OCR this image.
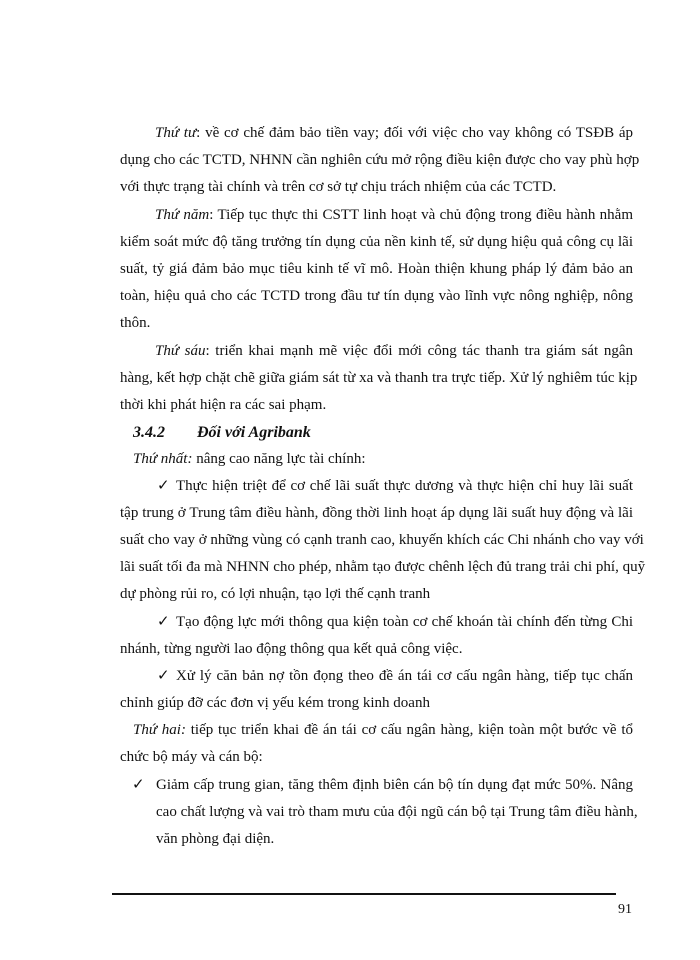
Thứ tư: về cơ chế đảm bảo tiền vay; đối với việc cho vay không có TSĐB áp
dụng cho các TCTD, NHNN cần nghiên cứu mở rộng điều kiện được cho vay phù hợp
với thực trạng tài chính và trên cơ sở tự chịu trách nhiệm của các TCTD.
Thứ năm: Tiếp tục thực thi CSTT linh hoạt và chủ động trong điều hành nhằm
kiểm soát mức độ tăng trưởng tín dụng của nền kinh tế, sử dụng hiệu quả công cụ lãi
suất, tỷ giá đảm bảo mục tiêu kinh tế vĩ mô. Hoàn thiện khung pháp lý đảm bảo an
toàn, hiệu quả cho các TCTD trong đầu tư tín dụng vào lĩnh vực nông nghiệp, nông
thôn.
Thứ sáu: triển khai mạnh mẽ việc đổi mới công tác thanh tra giám sát ngân
hàng, kết hợp chặt chẽ giữa giám sát từ xa và thanh tra trực tiếp. Xử lý nghiêm túc kịp
thời khi phát hiện ra các sai phạm.
3.4.2 Đối với Agribank
Thứ nhất: nâng cao năng lực tài chính:
✓ Thực hiện triệt để cơ chế lãi suất thực dương và thực hiện chỉ huy lãi suất
tập trung ở Trung tâm điều hành, đồng thời linh hoạt áp dụng lãi suất huy động và lãi
suất cho vay ở những vùng có cạnh tranh cao, khuyến khích các Chi nhánh cho vay với
lãi suất tối đa mà NHNN cho phép, nhằm tạo được chênh lệch đủ trang trải chi phí, quỹ
dự phòng rủi ro, có lợi nhuận, tạo lợi thế cạnh tranh
✓ Tạo động lực mới thông qua kiện toàn cơ chế khoán tài chính đến từng Chi
nhánh, từng người lao động thông qua kết quả công việc.
✓ Xử lý căn bản nợ tồn đọng theo đề án tái cơ cấu ngân hàng, tiếp tục chấn
chỉnh giúp đỡ các đơn vị yếu kém trong kinh doanh
Thứ hai: tiếp tục triển khai đề án tái cơ cấu ngân hàng, kiện toàn một bước về tổ
chức bộ máy và cán bộ:
✓ Giảm cấp trung gian, tăng thêm định biên cán bộ tín dụng đạt mức 50%. Nâng
cao chất lượng và vai trò tham mưu của đội ngũ cán bộ tại Trung tâm điều hành,
văn phòng đại diện.
91
